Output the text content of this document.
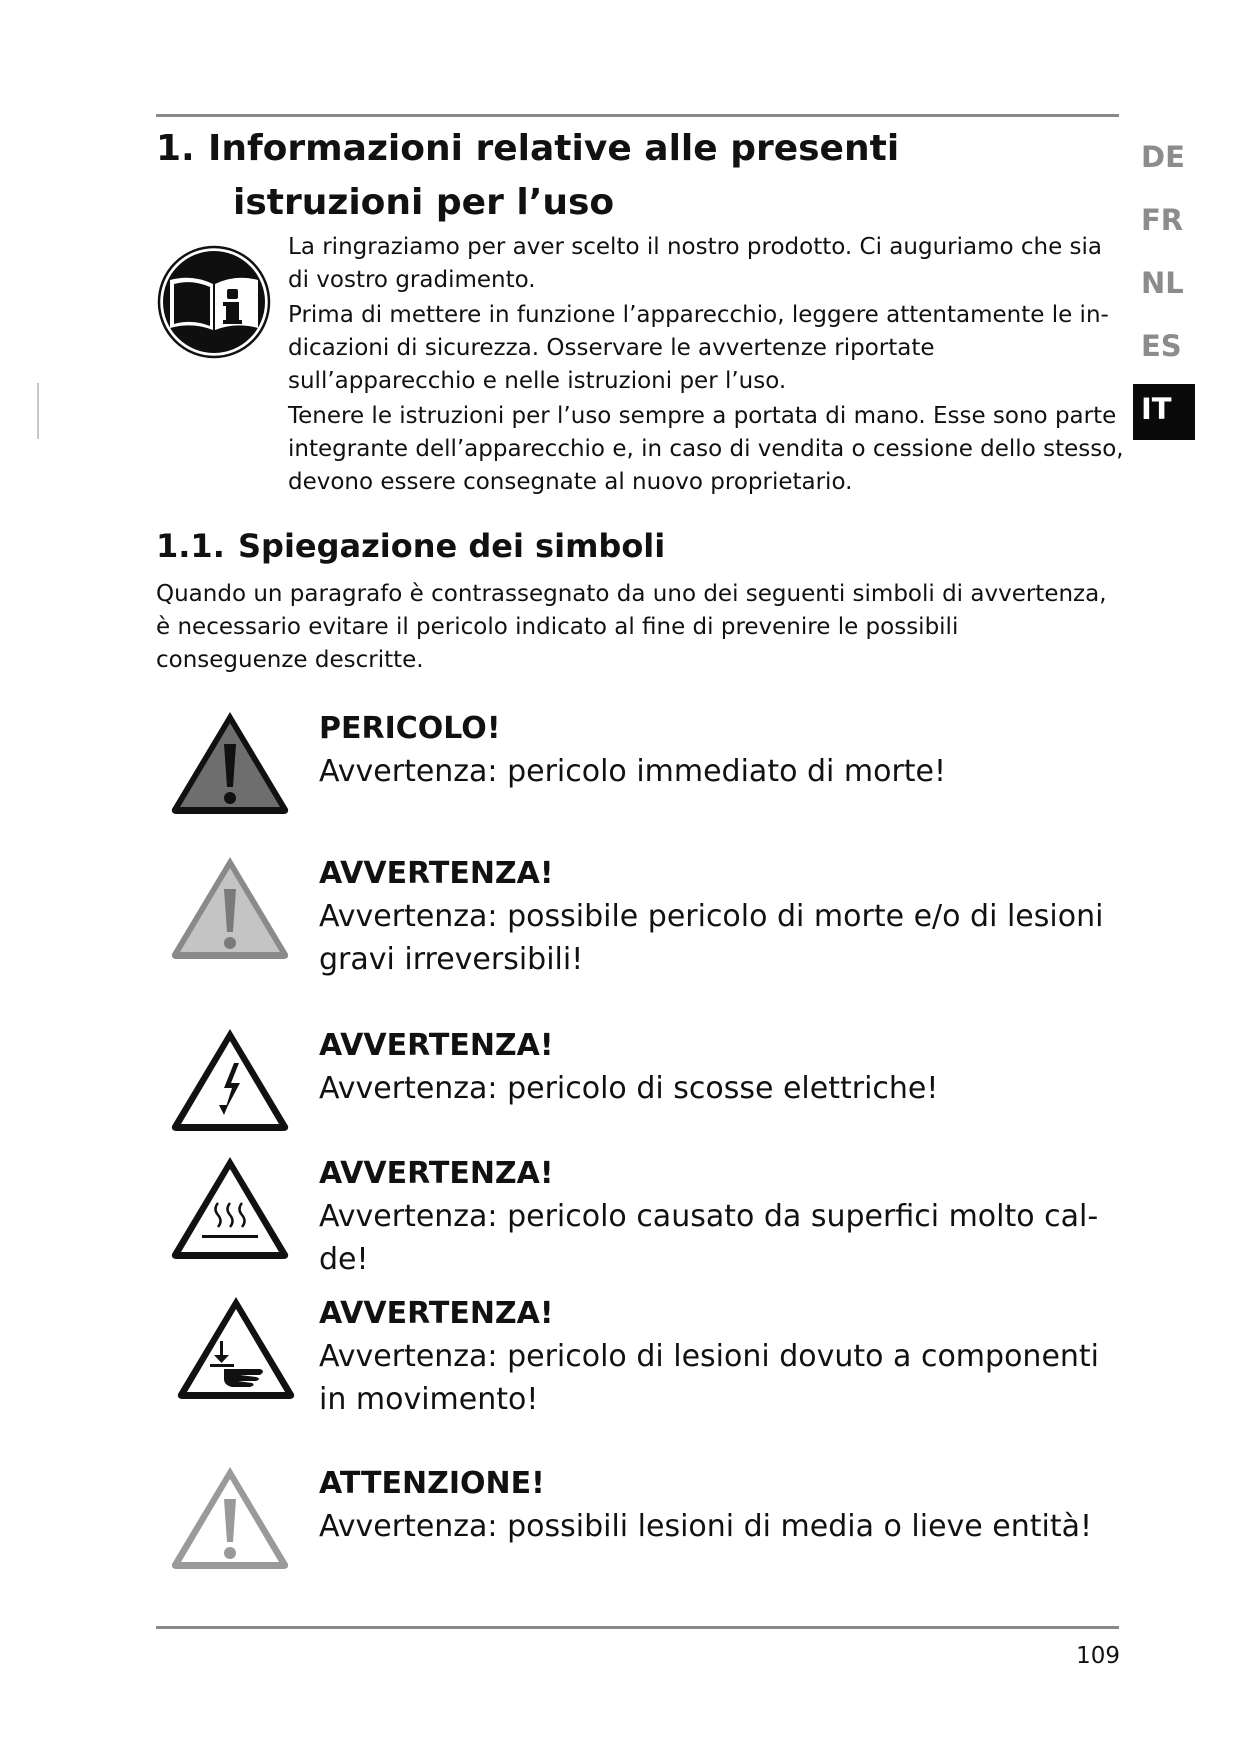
DE
FR
NL
ES
IT
1. Informazioni relative alle presenti
istruzioni per l’uso

La ringraziamo per aver scelto il nostro prodotto. Ci auguriamo che sia di vostro gradimento.

Prima di mettere in funzione l’apparecchio, leggere attentamente le in-dicazioni di sicurezza. Osservare le avvertenze riportate sull’apparecchio e nelle istruzioni per l’uso.

Tenere le istruzioni per l’uso sempre a portata di mano. Esse sono parte integrante dell’apparecchio e, in caso di vendita o cessione dello stesso, devono essere consegnate al nuovo proprietario.

1.1. Spiegazione dei simboli

Quando un paragrafo è contrassegnato da uno dei seguenti simboli di avvertenza, è necessario evitare il pericolo indicato al fine di prevenire le possibili conseguenze descritte.

PERICOLO!
Avvertenza: pericolo immediato di morte!
AVVERTENZA!
Avvertenza: possibile pericolo di morte e/o di lesioni gravi irreversibili!
AVVERTENZA!
Avvertenza: pericolo di scosse elettriche!
AVVERTENZA!
Avvertenza: pericolo causato da superfici molto cal-de!
AVVERTENZA!
Avvertenza: pericolo di lesioni dovuto a componenti in movimento!
ATTENZIONE!
Avvertenza: possibili lesioni di media o lieve entità!
109
